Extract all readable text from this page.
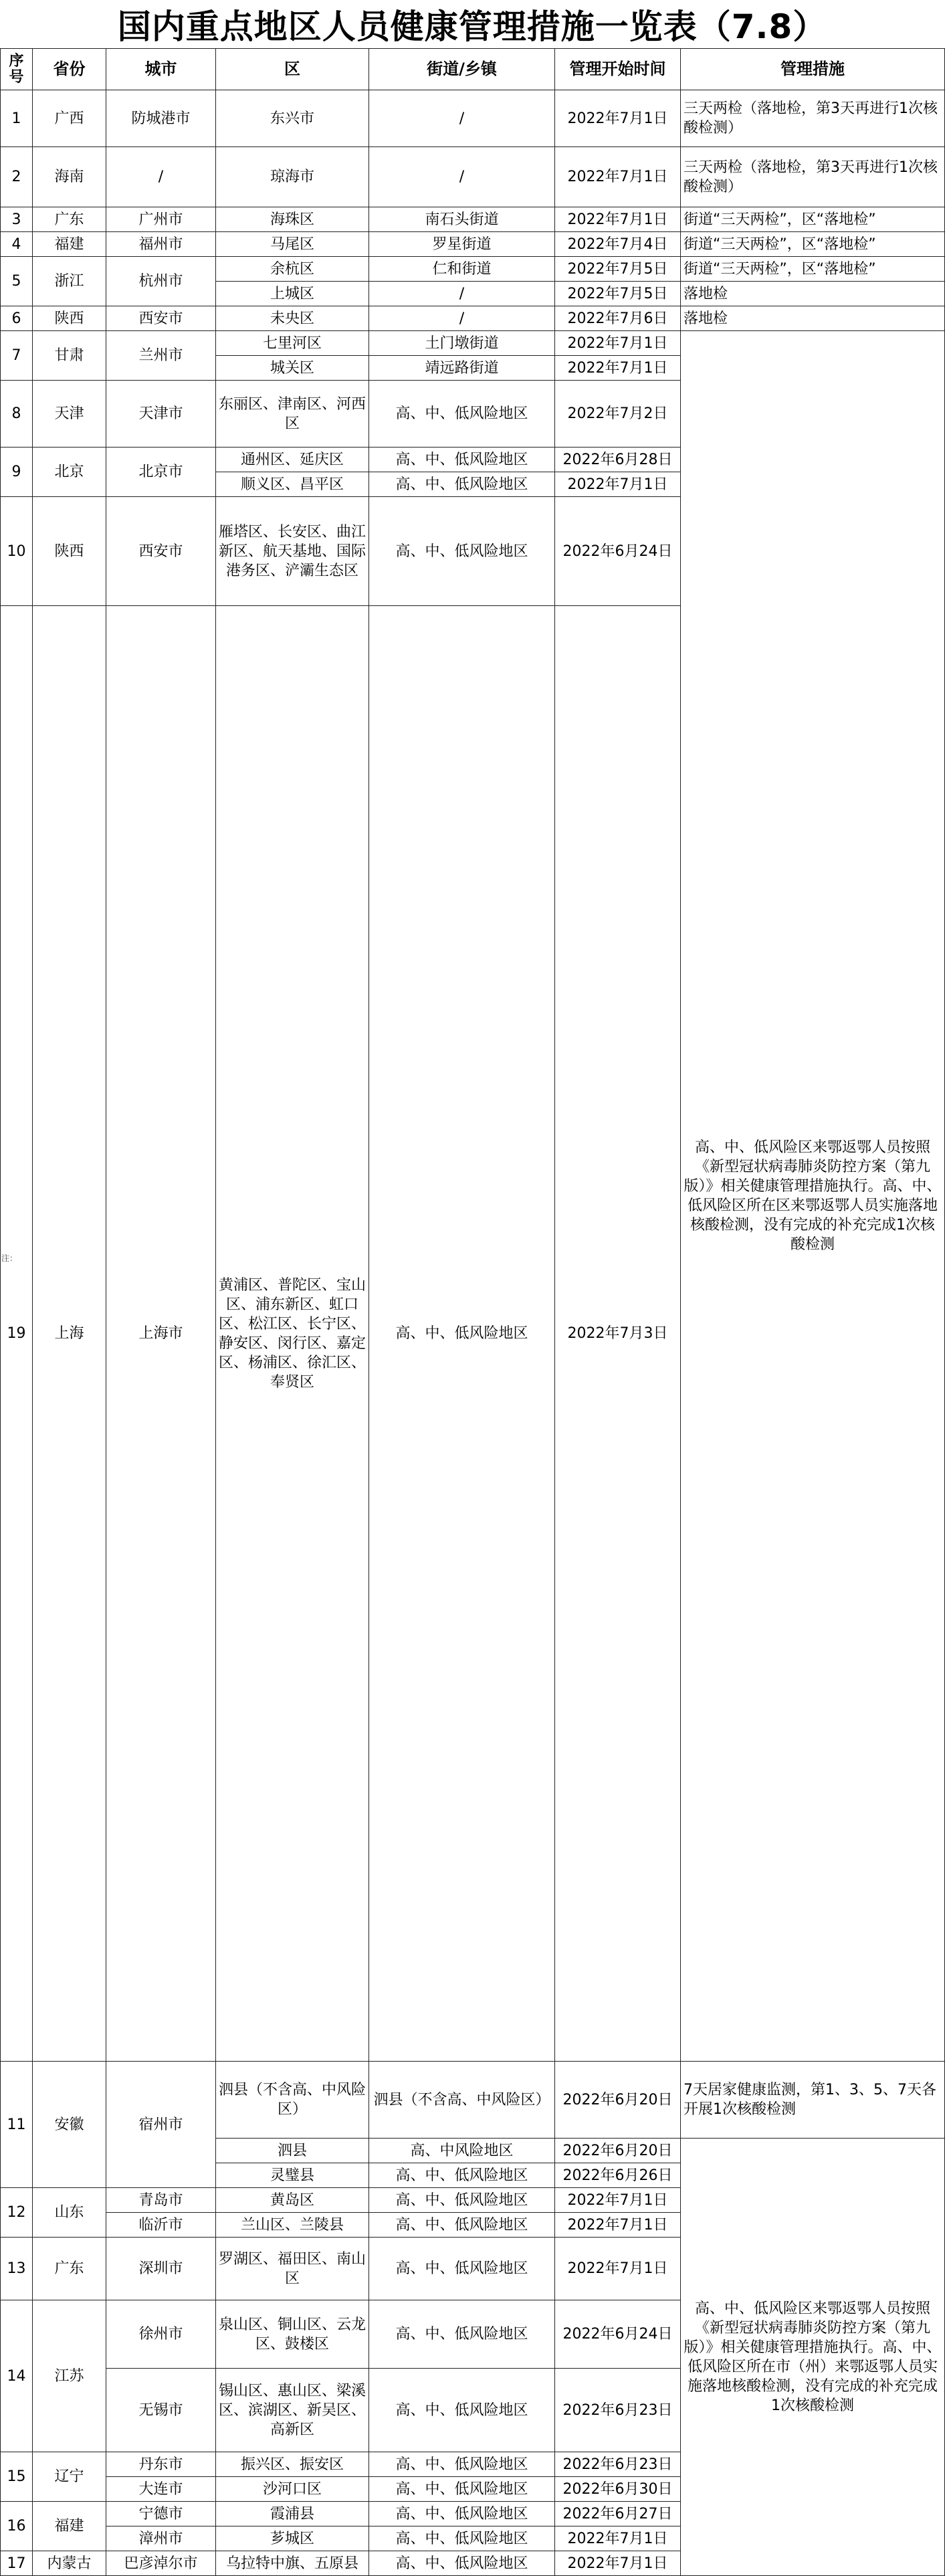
国内重点地区人员健康管理措施一览表（7.8）
序号	省份	城市	区	街道/乡镇	管理开始时间	管理措施	
1	广西	防城港市	东兴市	/	2022年7月1日	三天两检（落地检，第3天再进行1次核酸检测）	
2	海南	/	琼海市	/	2022年7月1日	三天两检（落地检，第3天再进行1次核酸检测）	
3	广东	广州市	海珠区	南石头街道	2022年7月1日	街道“三天两检”，区“落地检”	
4	福建	福州市	马尾区	罗星街道	2022年7月4日	街道“三天两检”，区“落地检”	
5	浙江	杭州市	余杭区	仁和街道	2022年7月5日	街道“三天两检”，区“落地检”	
			上城区	/	2022年7月5日	落地检	
6	陕西	西安市	未央区	/	2022年7月6日	落地检	
7	甘肃	兰州市	七里河区	土门墩街道	2022年7月1日	高、中、低风险区来鄂返鄂人员按照《新型冠状病毒肺炎防控方案（第九版）》相关健康管理措施执行。高、中、低风险区所在区来鄂返鄂人员实施落地核酸检测，没有完成的补充完成1次核酸检测	
			城关区	靖远路街道	2022年7月1日		
8	天津	天津市	东丽区、津南区、河西区	高、中、低风险地区	2022年7月2日		
9	北京	北京市	通州区、延庆区	高、中、低风险地区	2022年6月28日		
			顺义区、昌平区	高、中、低风险地区	2022年7月1日		
10	陕西	西安市	雁塔区、长安区、曲江新区、航天基地、国际港务区、浐灞生态区	高、中、低风险地区	2022年6月24日		
19	上海	上海市	黄浦区、普陀区、宝山区、浦东新区、虹口区、松江区、长宁区、静安区、闵行区、嘉定区、杨浦区、徐汇区、奉贤区	高、中、低风险地区	2022年7月3日	
11	安徽	宿州市	泗县（不含高、中风险区）	泗县（不含高、中风险区）	2022年6月20日	7天居家健康监测，第1、3、5、7天各开展1次核酸检测	
			泗县	高、中风险地区	2022年6月20日	高、中、低风险区来鄂返鄂人员按照《新型冠状病毒肺炎防控方案（第九版）》相关健康管理措施执行。高、中、低风险区所在市（州）来鄂返鄂人员实施落地核酸检测，没有完成的补充完成1次核酸检测	
			灵璧县	高、中、低风险地区	2022年6月26日		
12	山东	青岛市	黄岛区	高、中、低风险地区	2022年7月1日		
		临沂市	兰山区、兰陵县	高、中、低风险地区	2022年7月1日		
13	广东	深圳市	罗湖区、福田区、南山区	高、中、低风险地区	2022年7月1日		
14	江苏	徐州市	泉山区、铜山区、云龙区、鼓楼区	高、中、低风险地区	2022年6月24日		
		无锡市	锡山区、惠山区、梁溪区、滨湖区、新吴区、高新区	高、中、低风险地区	2022年6月23日		
15	辽宁	丹东市	振兴区、振安区	高、中、低风险地区	2022年6月23日		
		大连市	沙河口区	高、中、低风险地区	2022年6月30日		
16	福建	宁德市	霞浦县	高、中、低风险地区	2022年6月27日		
		漳州市	芗城区	高、中、低风险地区	2022年7月1日		
17	内蒙古	巴彦淖尔市	乌拉特中旗、五原县	高、中、低风险地区	2022年7月1日		
注：
